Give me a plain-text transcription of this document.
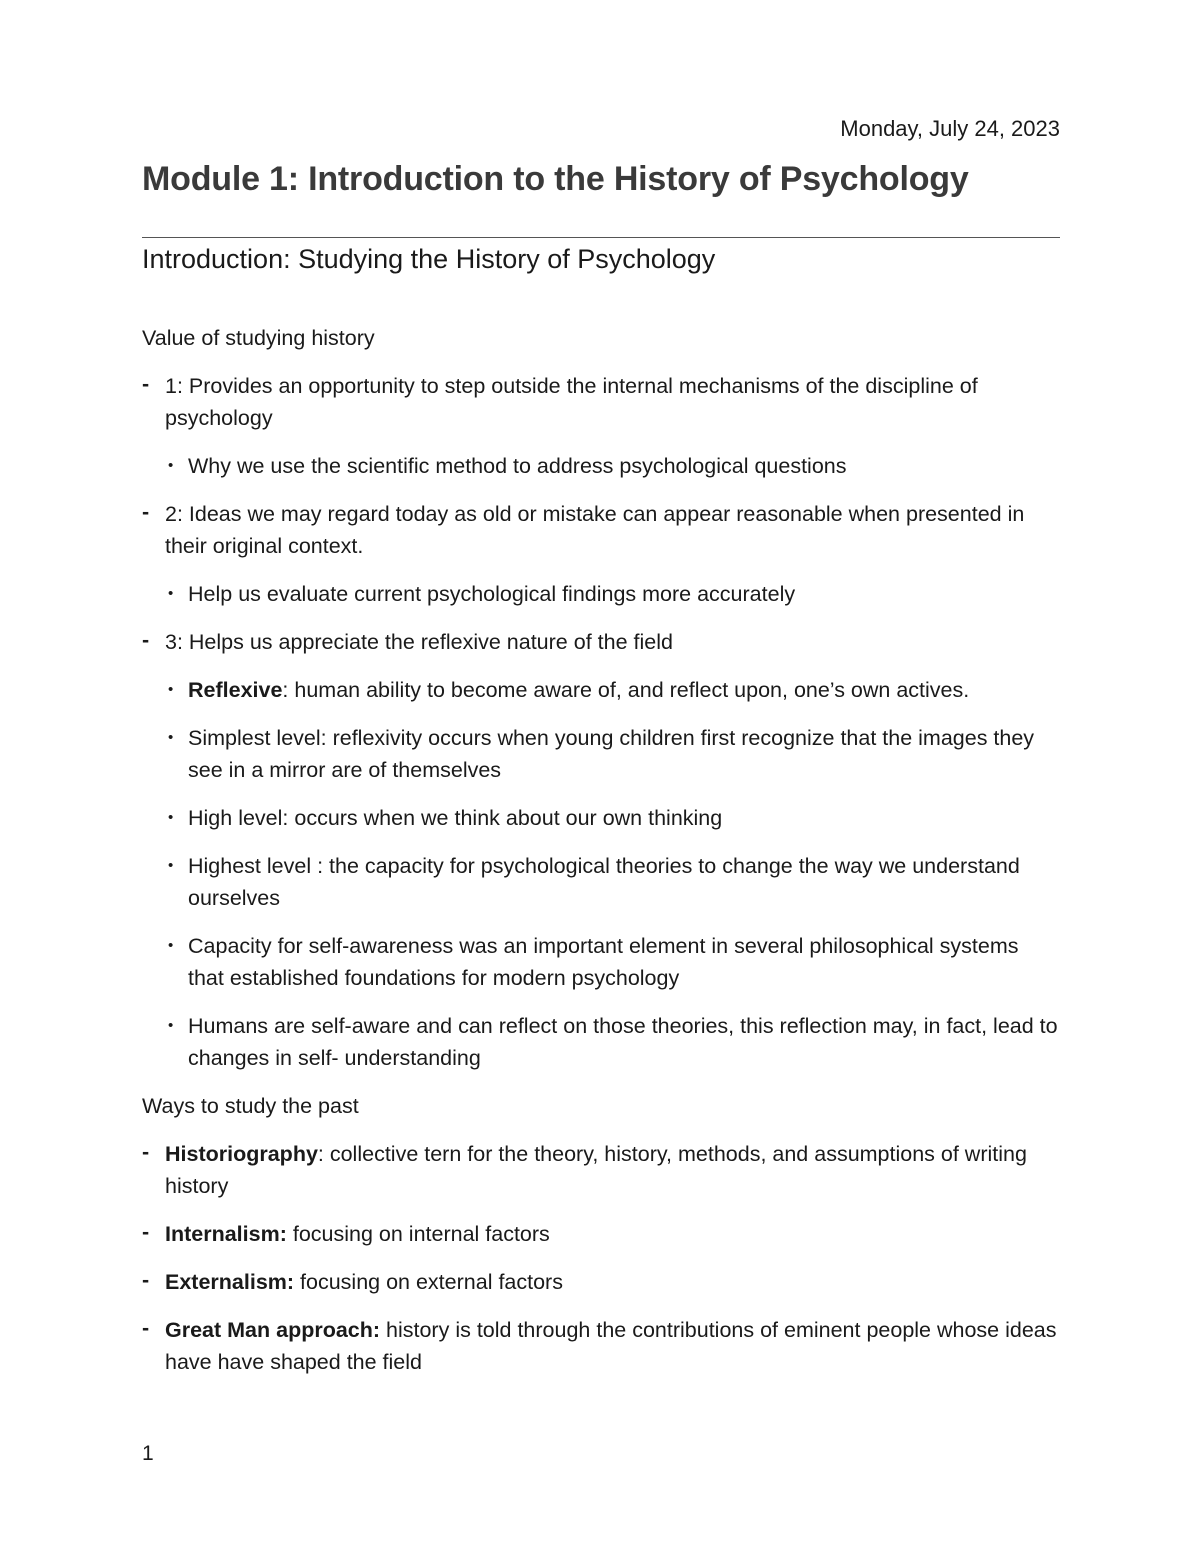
Monday, July 24, 2023
Module 1: Introduction to the History of Psychology
Introduction: Studying the History of Psychology

Value of studying history

- 1: Provides an opportunity to step outside the internal mechanisms of the discipline of psychology
• Why we use the scientific method to address psychological questions
- 2: Ideas we may regard today as old or mistake can appear reasonable when presented in their original context.
• Help us evaluate current psychological findings more accurately
- 3: Helps us appreciate the reflexive nature of the field
• Reflexive: human ability to become aware of, and reflect upon, one’s own actives.
• Simplest level: reflexivity occurs when young children first recognize that the images they see in a mirror are of themselves
• High level: occurs when we think about our own thinking
• Highest level : the capacity for psychological theories to change the way we understand ourselves
• Capacity for self-awareness was an important element in several philosophical systems that established foundations for modern psychology
• Humans are self-aware and can reflect on those theories, this reflection may, in fact, lead to changes in self- understanding

Ways to study the past

- Historiography: collective tern for the theory, history, methods, and assumptions of writing history
- Internalism: focusing on internal factors
- Externalism: focusing on external factors
- Great Man approach: history is told through the contributions of eminent people whose ideas have have shaped the field
1
